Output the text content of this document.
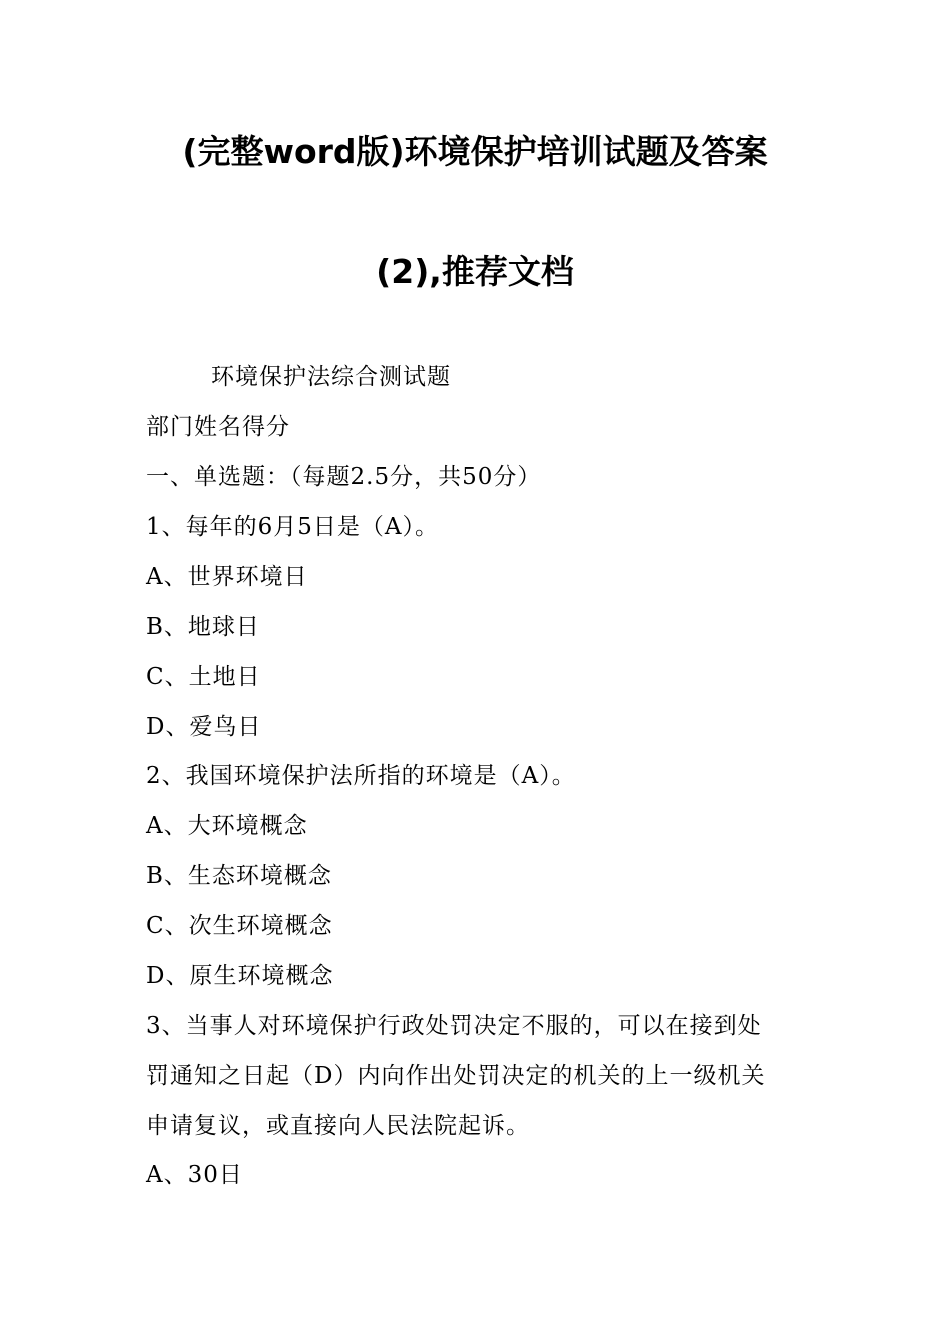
(完整word版)环境保护培训试题及答案
(2),推荐文档
环境保护法综合测试题
部门姓名得分
一、单选题：（每题2.5分，共50分）
1、每年的6月5日是（A）。
A、世界环境日
B、地球日
C、土地日
D、爱鸟日
2、我国环境保护法所指的环境是（A）。
A、大环境概念
B、生态环境概念
C、次生环境概念
D、原生环境概念
3、当事人对环境保护行政处罚决定不服的，可以在接到处
罚通知之日起（D）内向作出处罚决定的机关的上一级机关
申请复议，或直接向人民法院起诉。
A、30日
